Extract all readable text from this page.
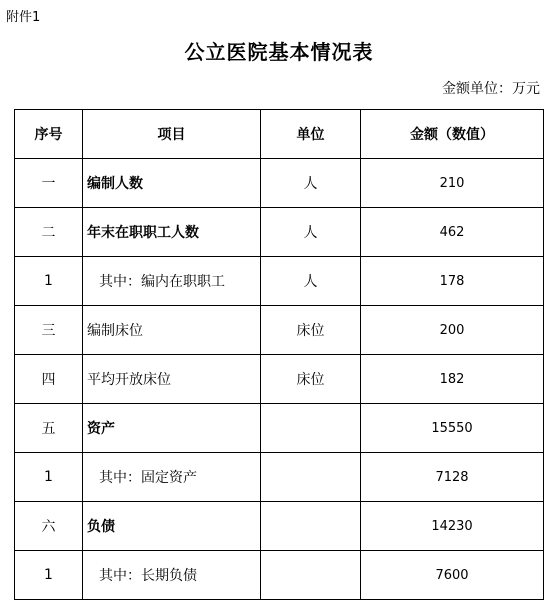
附件1
公立医院基本情况表
金额单位：万元
序号	项目	单位	金额（数值）
一	编制人数	人	210
二	年末在职职工人数	人	462
1	其中：编内在职职工	人	178
三	编制床位	床位	200
四	平均开放床位	床位	182
五	资产		15550
1	其中：固定资产		7128
六	负债		14230
1	其中：长期负债		7600
